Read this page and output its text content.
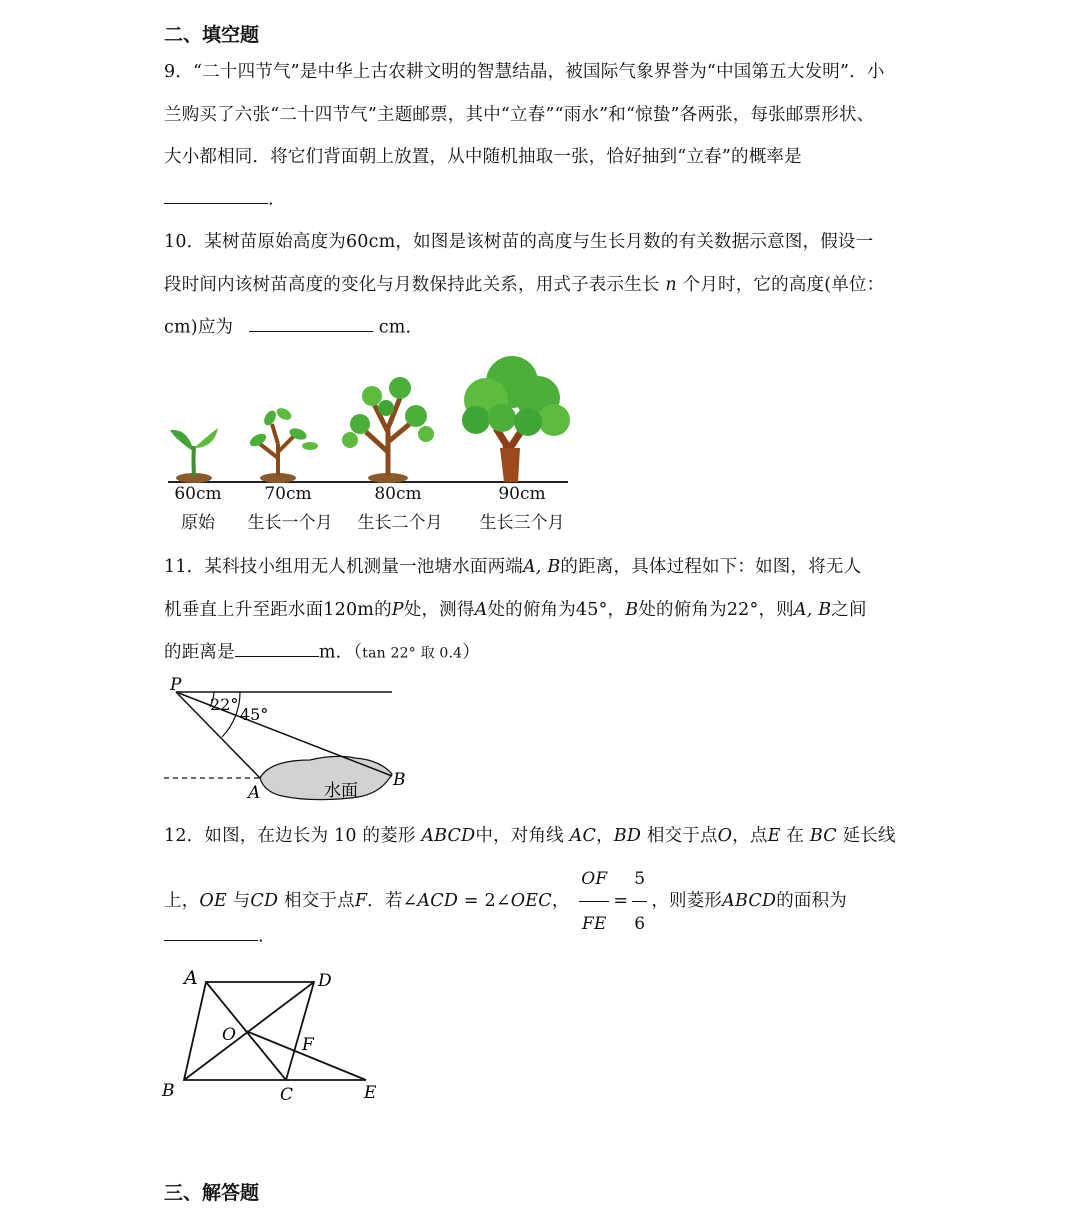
二、填空题
9．“二十四节气”是中华上古农耕文明的智慧结晶，被国际气象界誉为“中国第五大发明”．小
兰购买了六张“二十四节气”主题邮票，其中“立春”“雨水”和“惊蛰”各两张，每张邮票形状、
大小都相同．将它们背面朝上放置，从中随机抽取一张，恰好抽到“立春”的概率是
.
10．某树苗原始高度为60cm，如图是该树苗的高度与生长月数的有关数据示意图，假设一
段时间内该树苗高度的变化与月数保持此关系，用式子表示生长 n 个月时，它的高度(单位：
cm)应为	cm．
60cm	70cm	80cm	90cm
原始	生长一个月	生长二个月	生长三个月
11．某科技小组用无人机测量一池塘水面两端A, B的距离，具体过程如下：如图，将无人
机垂直上升至距水面120m的P处，测得A处的俯角为45°，B处的俯角为22°，则A, B之间
的距离是	m．（tan 22° 取 0.4）
P
22°
45°
A
B
水面
12．如图，在边长为 10 的菱形 ABCD中，对角线 AC，BD 相交于点O，点E 在 BC 延长线
上，OE 与CD 相交于点F．若∠ACD = 2∠OEC， $\frac{OF}{FE} = \frac{5}{6}$ ，则菱形ABCD的面积为
.
A	D
O	F
B	C	E
三、解答题
